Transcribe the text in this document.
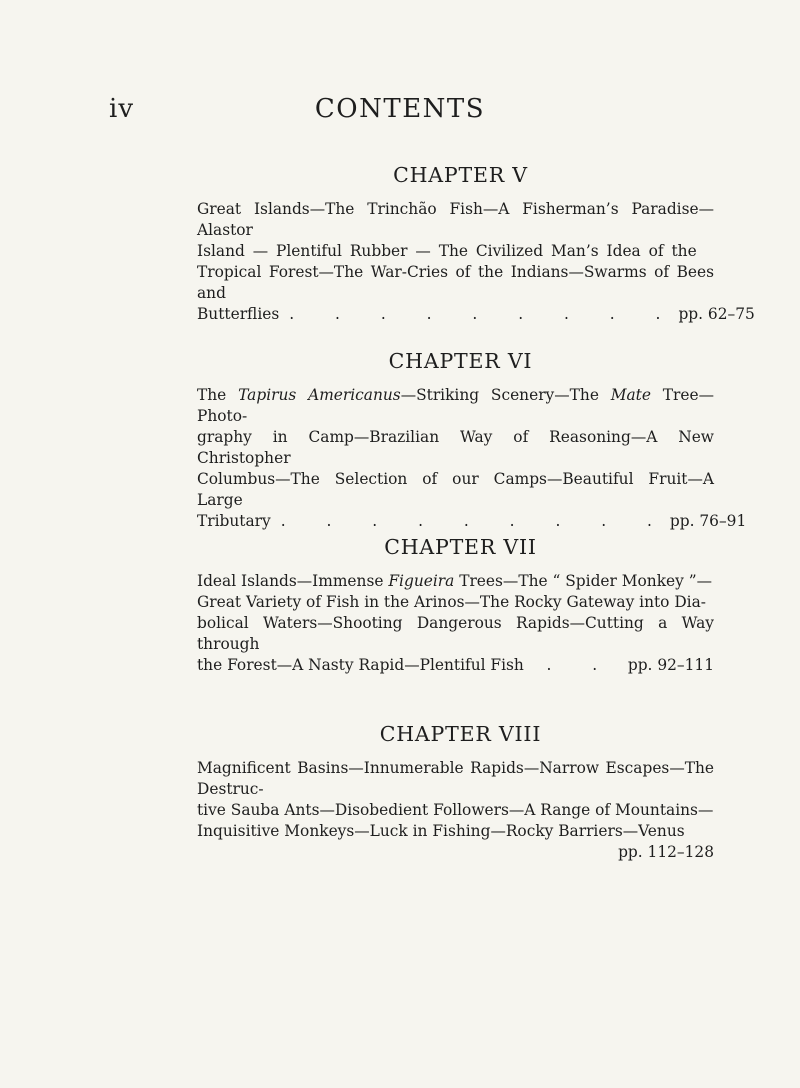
iv	CONTENTS
CHAPTER V
Great Islands—The Trinchão Fish—A Fisherman’s Paradise—Alastor
Island — Plentiful Rubber — The Civilized Man’s Idea of the
Tropical Forest—The War-Cries of the Indians—Swarms of Bees and
Butterflies . . . . . . . . . pp. 62–75
CHAPTER VI
The Tapirus Americanus—Striking Scenery—The Mate Tree—Photo-
graphy in Camp—Brazilian Way of Reasoning—A New Christopher
Columbus—The Selection of our Camps—Beautiful Fruit—A Large
Tributary . . . . . . . . . pp. 76–91
CHAPTER VII
Ideal Islands—Immense Figueira Trees—The “ Spider Monkey ”—
Great Variety of Fish in the Arinos—The Rocky Gateway into Dia-
bolical Waters—Shooting Dangerous Rapids—Cutting a Way through
the Forest—A Nasty Rapid—Plentiful Fish	. . pp. 92–111
CHAPTER VIII
Magnificent Basins—Innumerable Rapids—Narrow Escapes—The Destruc-
tive Sauba Ants—Disobedient Followers—A Range of Mountains—
Inquisitive Monkeys—Luck in Fishing—Rocky Barriers—Venus
pp. 112–128
